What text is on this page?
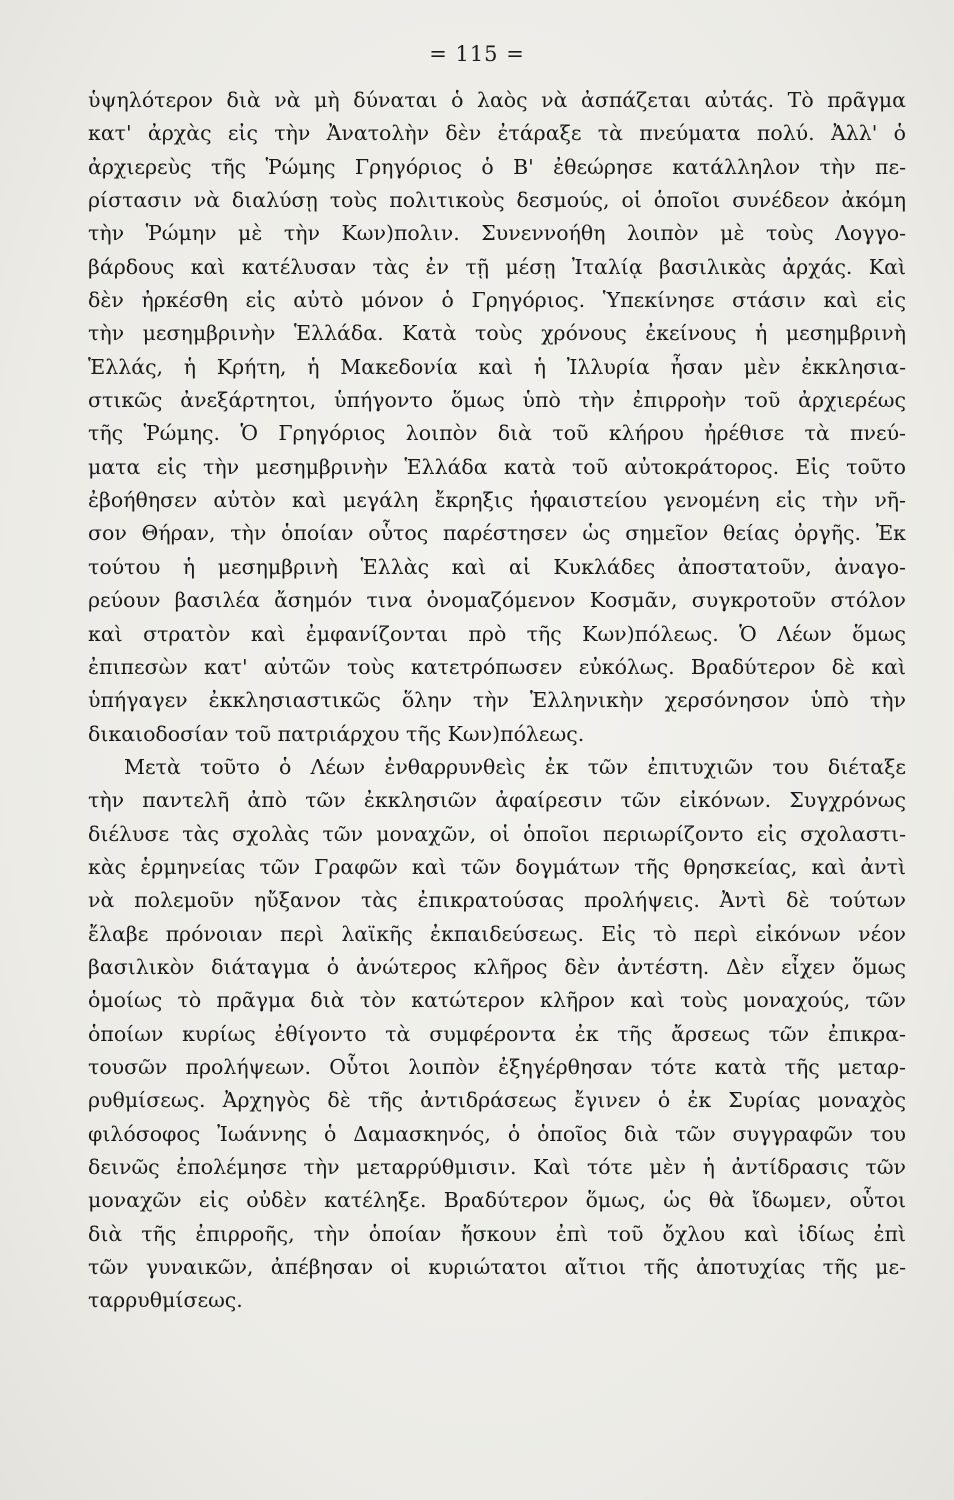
= 115 =
ὑψηλότερον διὰ νὰ μὴ δύναται ὁ λαὸς νὰ ἀσπάζεται αὐτάς. Τὸ πρᾶγμα
κατ' ἀρχὰς εἰς τὴν Ἀνατολὴν δὲν ἐτάραξε τὰ πνεύματα πολύ. Ἀλλ' ὁ
ἀρχιερεὺς τῆς Ῥώμης Γρηγόριος ὁ Β' ἐθεώρησε κατάλληλον τὴν πε-
ρίστασιν νὰ διαλύσῃ τοὺς πολιτικοὺς δεσμούς, οἱ ὁποῖοι συνέδεον ἀκόμη
τὴν Ῥώμην μὲ τὴν Κων)πολιν. Συνεννοήθη λοιπὸν μὲ τοὺς Λογγο-
βάρδους καὶ κατέλυσαν τὰς ἐν τῇ μέσῃ Ἰταλίᾳ βασιλικὰς ἀρχάς. Καὶ
δὲν ἠρκέσθη εἰς αὐτὸ μόνον ὁ Γρηγόριος. Ὑπεκίνησε στάσιν καὶ εἰς
τὴν μεσημβρινὴν Ἑλλάδα. Κατὰ τοὺς χρόνους ἐκείνους ἡ μεσημβρινὴ
Ἑλλάς, ἡ Κρήτη, ἡ Μακεδονία καὶ ἡ Ἰλλυρία ἦσαν μὲν ἐκκλησια-
στικῶς ἀνεξάρτητοι, ὑπήγοντο ὅμως ὑπὸ τὴν ἐπιρροὴν τοῦ ἀρχιερέως
τῆς Ῥώμης. Ὁ Γρηγόριος λοιπὸν διὰ τοῦ κλήρου ἠρέθισε τὰ πνεύ-
ματα εἰς τὴν μεσημβρινὴν Ἑλλάδα κατὰ τοῦ αὐτοκράτορος. Εἰς τοῦτο
ἐβοήθησεν αὐτὸν καὶ μεγάλη ἔκρηξις ἡφαιστείου γενομένη εἰς τὴν νῆ-
σον Θήραν, τὴν ὁποίαν οὗτος παρέστησεν ὡς σημεῖον θείας ὀργῆς. Ἐκ
τούτου ἡ μεσημβρινὴ Ἑλλὰς καὶ αἱ Κυκλάδες ἀποστατοῦν, ἀναγο-
ρεύουν βασιλέα ἄσημόν τινα ὀνομαζόμενον Κοσμᾶν, συγκροτοῦν στόλον
καὶ στρατὸν καὶ ἐμφανίζονται πρὸ τῆς Κων)πόλεως. Ὁ Λέων ὅμως
ἐπιπεσὼν κατ' αὐτῶν τοὺς κατετρόπωσεν εὐκόλως. Βραδύτερον δὲ καὶ
ὑπήγαγεν ἐκκλησιαστικῶς ὅλην τὴν Ἑλληνικὴν χερσόνησον ὑπὸ τὴν
δικαιοδοσίαν τοῦ πατριάρχου τῆς Κων)πόλεως.
Μετὰ τοῦτο ὁ Λέων ἐνθαρρυνθεὶς ἐκ τῶν ἐπιτυχιῶν του διέταξε
τὴν παντελῆ ἀπὸ τῶν ἐκκλησιῶν ἀφαίρεσιν τῶν εἰκόνων. Συγχρόνως
διέλυσε τὰς σχολὰς τῶν μοναχῶν, οἱ ὁποῖοι περιωρίζοντο εἰς σχολαστι-
κὰς ἑρμηνείας τῶν Γραφῶν καὶ τῶν δογμάτων τῆς θρησκείας, καὶ ἀντὶ
νὰ πολεμοῦν ηὔξανον τὰς ἐπικρατούσας προλήψεις. Ἀντὶ δὲ τούτων
ἔλαβε πρόνοιαν περὶ λαϊκῆς ἐκπαιδεύσεως. Εἰς τὸ περὶ εἰκόνων νέον
βασιλικὸν διάταγμα ὁ ἀνώτερος κλῆρος δὲν ἀντέστη. Δὲν εἶχεν ὅμως
ὁμοίως τὸ πρᾶγμα διὰ τὸν κατώτερον κλῆρον καὶ τοὺς μοναχούς, τῶν
ὁποίων κυρίως ἐθίγοντο τὰ συμφέροντα ἐκ τῆς ἄρσεως τῶν ἐπικρα-
τουσῶν προλήψεων. Οὗτοι λοιπὸν ἐξηγέρθησαν τότε κατὰ τῆς μεταρ-
ρυθμίσεως. Ἀρχηγὸς δὲ τῆς ἀντιδράσεως ἔγινεν ὁ ἐκ Συρίας μοναχὸς
φιλόσοφος Ἰωάννης ὁ Δαμασκηνός, ὁ ὁποῖος διὰ τῶν συγγραφῶν του
δεινῶς ἐπολέμησε τὴν μεταρρύθμισιν. Καὶ τότε μὲν ἡ ἀντίδρασις τῶν
μοναχῶν εἰς οὐδὲν κατέληξε. Βραδύτερον ὅμως, ὡς θὰ ἴδωμεν, οὗτοι
διὰ τῆς ἐπιρροῆς, τὴν ὁποίαν ἤσκουν ἐπὶ τοῦ ὄχλου καὶ ἰδίως ἐπὶ
τῶν γυναικῶν, ἀπέβησαν οἱ κυριώτατοι αἴτιοι τῆς ἀποτυχίας τῆς με-
ταρρυθμίσεως.
